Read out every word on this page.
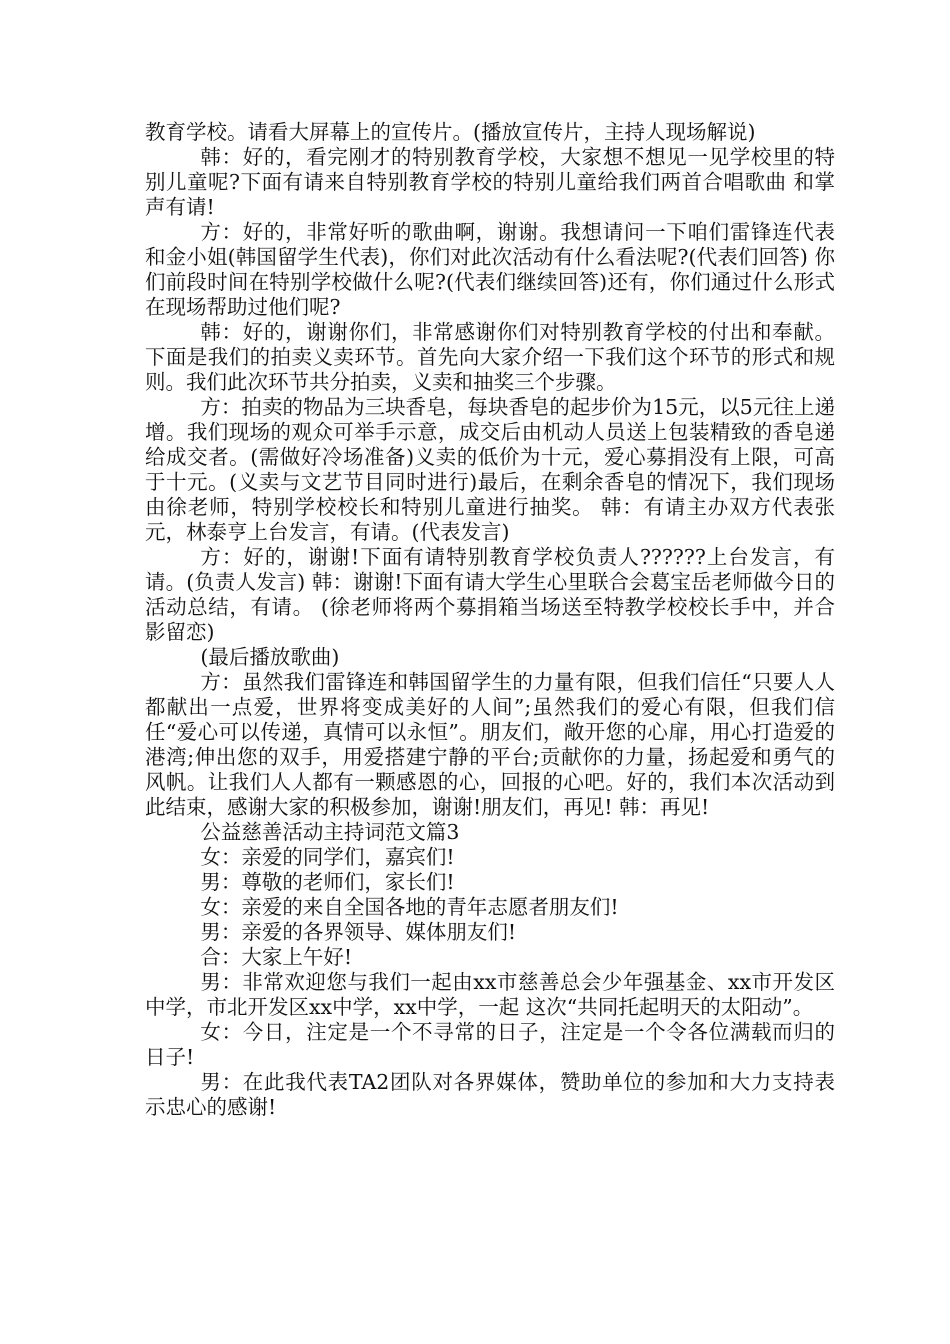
教育学校。请看大屏幕上的宣传片。(播放宣传片，主持人现场解说)

韩：好的，看完刚才的特别教育学校，大家想不想见一见学校里的特别儿童呢?下面有请来自特别教育学校的特别儿童给我们两首合唱歌曲 和掌声有请!

方：好的，非常好听的歌曲啊，谢谢。我想请问一下咱们雷锋连代表和金小姐(韩国留学生代表)，你们对此次活动有什么看法呢?(代表们回答) 你们前段时间在特别学校做什么呢?(代表们继续回答)还有，你们通过什么形式在现场帮助过他们呢?

韩：好的，谢谢你们，非常感谢你们对特别教育学校的付出和奉献。下面是我们的拍卖义卖环节。首先向大家介绍一下我们这个环节的形式和规则。我们此次环节共分拍卖，义卖和抽奖三个步骤。

方：拍卖的物品为三块香皂，每块香皂的起步价为15元，以5元往上递增。我们现场的观众可举手示意，成交后由机动人员送上包装精致的香皂递给成交者。(需做好冷场准备)义卖的低价为十元，爱心募捐没有上限，可高于十元。(义卖与文艺节目同时进行)最后，在剩余香皂的情况下，我们现场由徐老师，特别学校校长和特别儿童进行抽奖。 韩：有请主办双方代表张元，林泰亨上台发言，有请。(代表发言)

方：好的，谢谢!下面有请特别教育学校负责人??????上台发言，有请。(负责人发言) 韩：谢谢!下面有请大学生心里联合会葛宝岳老师做今日的活动总结，有请。 (徐老师将两个募捐箱当场送至特教学校校长手中，并合影留恋)

(最后播放歌曲)

方：虽然我们雷锋连和韩国留学生的力量有限，但我们信任“只要人人都献出一点爱，世界将变成美好的人间”;虽然我们的爱心有限，但我们信任“爱心可以传递，真情可以永恒”。朋友们，敞开您的心扉，用心打造爱的港湾;伸出您的双手，用爱搭建宁静的平台;贡献你的力量，扬起爱和勇气的风帆。让我们人人都有一颗感恩的心，回报的心吧。好的，我们本次活动到此结束，感谢大家的积极参加，谢谢!朋友们，再见! 韩：再见!

公益慈善活动主持词范文篇3

女：亲爱的同学们，嘉宾们!

男：尊敬的老师们，家长们!

女：亲爱的来自全国各地的青年志愿者朋友们!

男：亲爱的各界领导、媒体朋友们!

合：大家上午好!

男：非常欢迎您与我们一起由xx市慈善总会少年强基金、xx市开发区中学，市北开发区xx中学，xx中学，一起 这次“共同托起明天的太阳动”。

女：今日，注定是一个不寻常的日子，注定是一个令各位满载而归的日子!

男：在此我代表TA2团队对各界媒体，赞助单位的参加和大力支持表示忠心的感谢!
